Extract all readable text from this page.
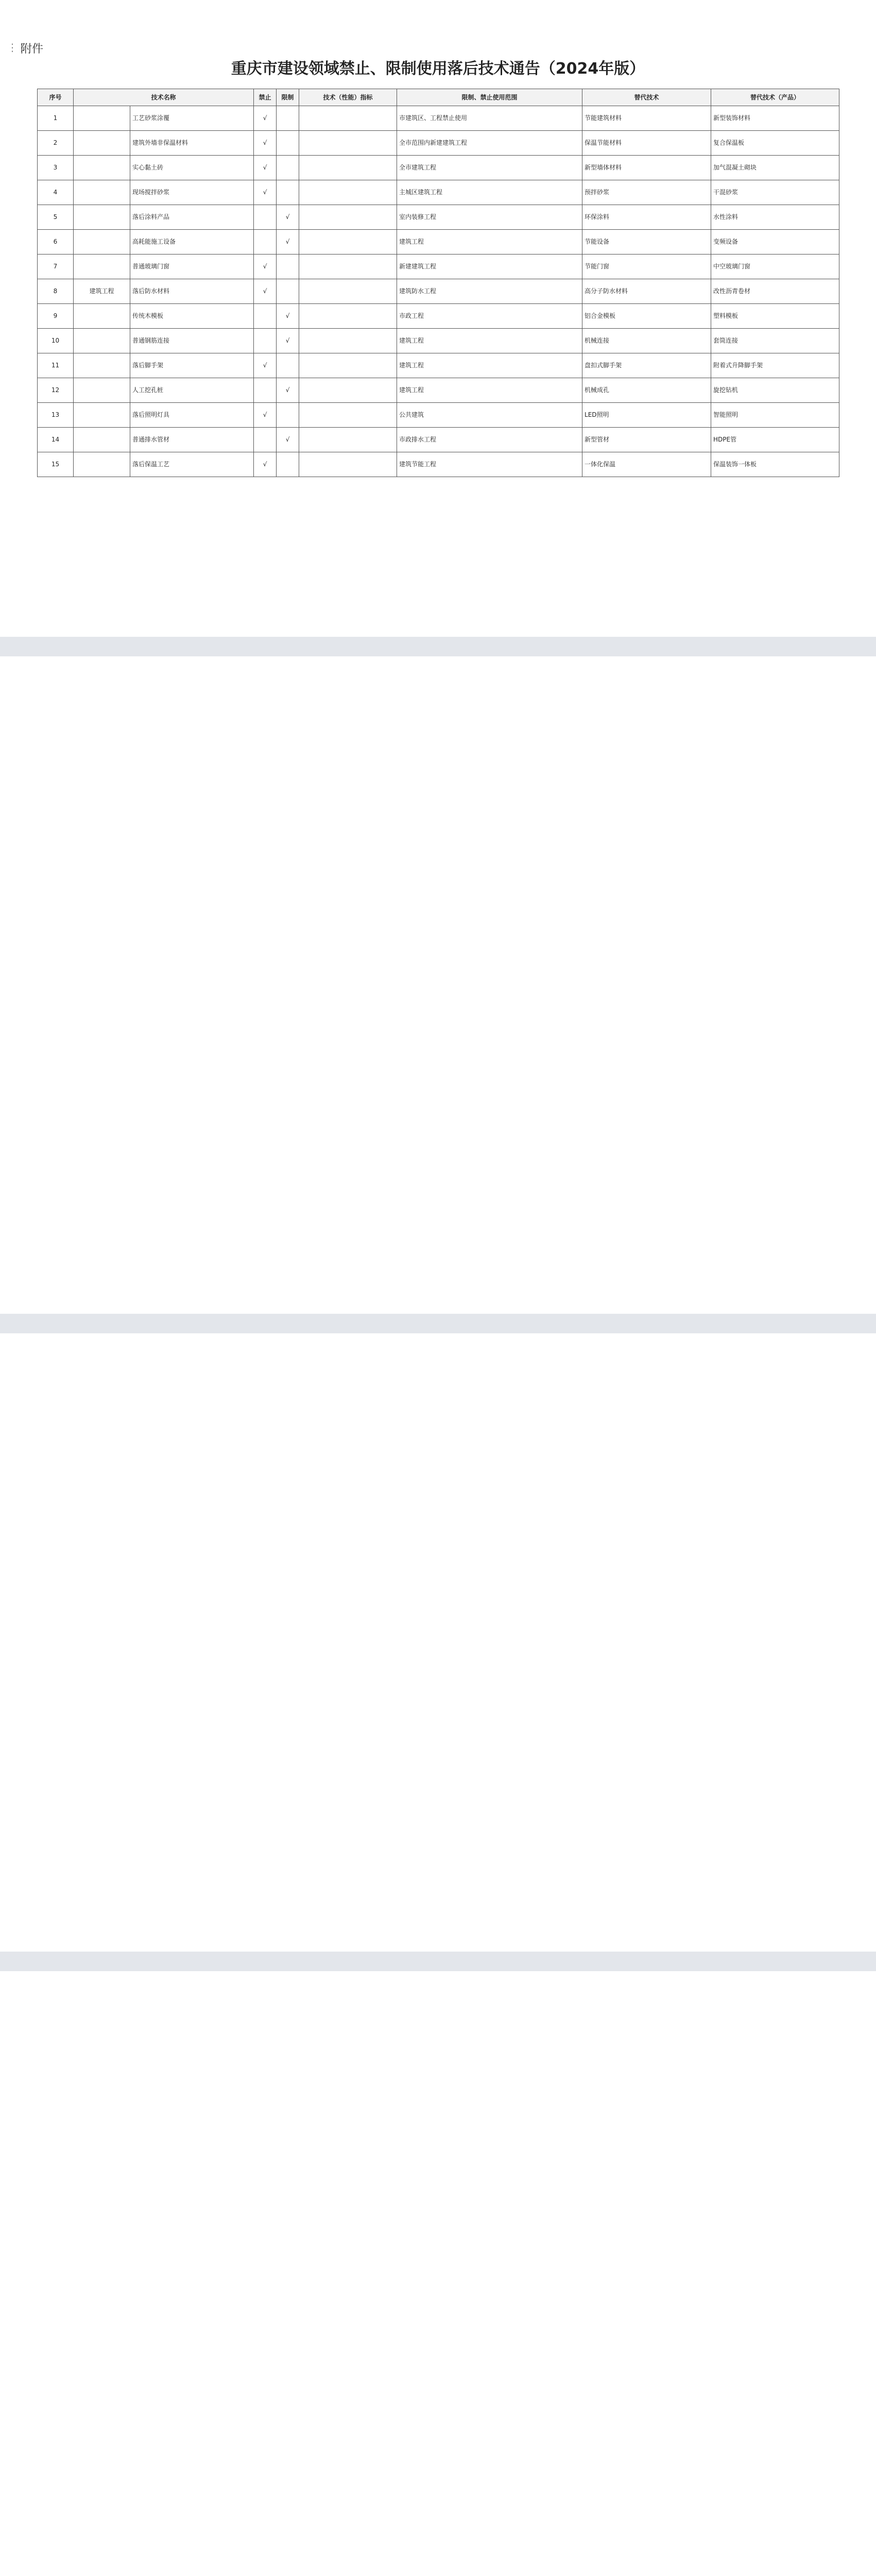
⋮⋮
附件
重庆市建设领域禁止、限制使用落后技术通告（2024年版）
序号	技术名称		禁止	限制	技术（性能）指标	限制、禁止使用范围	替代技术	替代技术（产品）
1		工艺砂浆涂覆	√			市建筑区、工程禁止使用	节能建筑材料	新型装饰材料
2		建筑外墙非保温材料	√			全市范围内新建建筑工程	保温节能材料	复合保温板
3		实心黏土砖	√			全市建筑工程	新型墙体材料	加气混凝土砌块
4		现场搅拌砂浆	√			主城区建筑工程	预拌砂浆	干混砂浆
5		落后涂料产品		√		室内装修工程	环保涂料	水性涂料
6		高耗能施工设备		√		建筑工程	节能设备	变频设备
7		普通玻璃门窗	√			新建建筑工程	节能门窗	中空玻璃门窗
8	建筑工程	落后防水材料	√			建筑防水工程	高分子防水材料	改性沥青卷材
9		传统木模板		√		市政工程	铝合金模板	塑料模板
10		普通钢筋连接		√		建筑工程	机械连接	套筒连接
11		落后脚手架	√			建筑工程	盘扣式脚手架	附着式升降脚手架
12		人工挖孔桩		√		建筑工程	机械成孔	旋挖钻机
13		落后照明灯具	√			公共建筑	LED照明	智能照明
14		普通排水管材		√		市政排水工程	新型管材	HDPE管
15		落后保温工艺	√			建筑节能工程	一体化保温	保温装饰一体板
